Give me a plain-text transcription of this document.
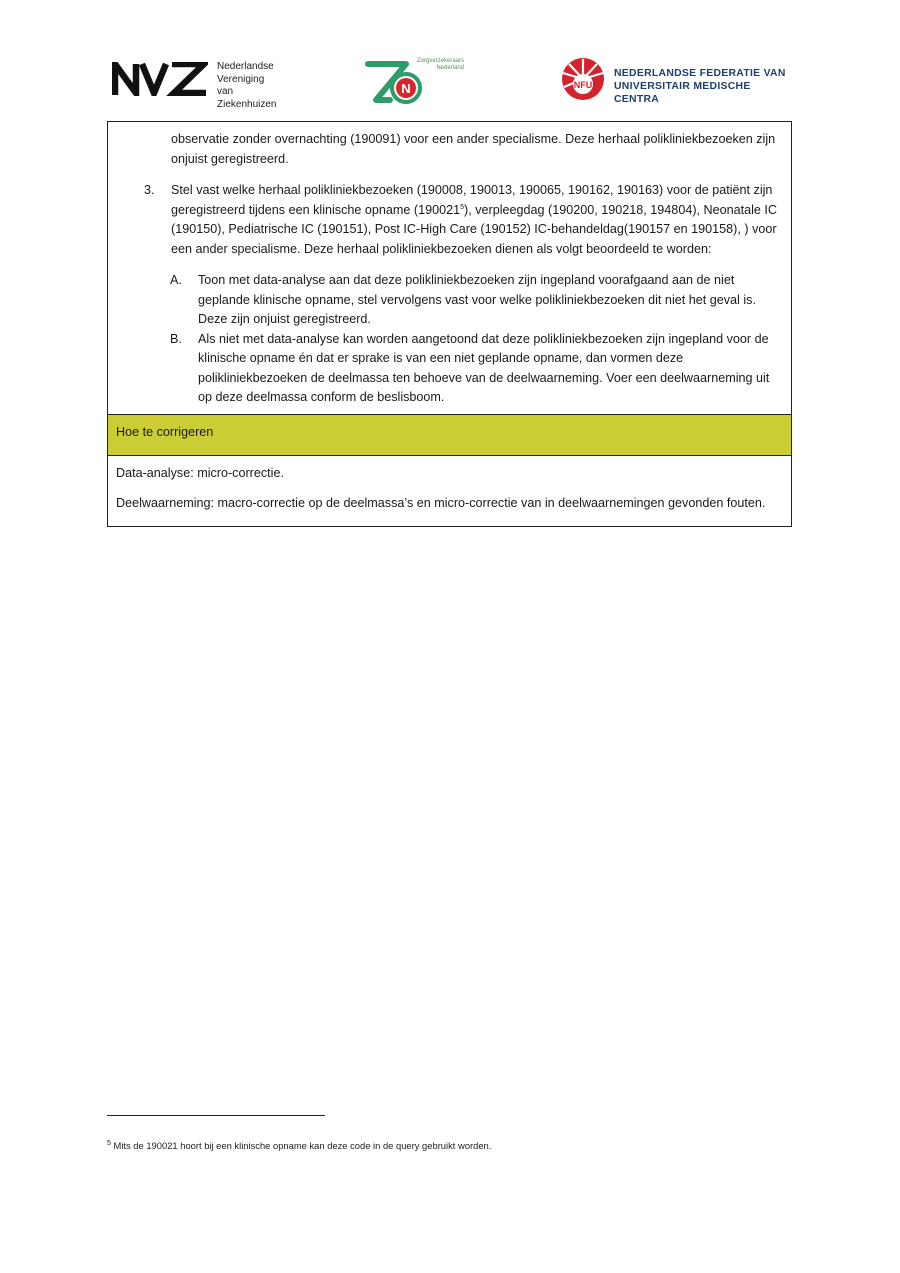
Nederlandse
Vereniging van
Ziekenhuizen
Zorgverzekeraars
Nederland
N	NFU
NEDERLANDSE FEDERATIE VAN
UNIVERSITAIR MEDISCHE CENTRA

observatie zonder overnachting (190091) voor een ander specialisme. Deze herhaal polikliniekbezoeken zijn onjuist geregistreerd.

3. Stel vast welke herhaal polikliniekbezoeken (190008, 190013, 190065, 190162, 190163) voor de patiënt zijn geregistreerd tijdens een klinische opname (190021$^5$), verpleegdag (190200, 190218, 194804), Neonatale IC (190150), Pediatrische IC (190151), Post IC-High Care (190152) IC-behandeldag(190157 en 190158), ) voor een ander specialisme. Deze herhaal polikliniekbezoeken dienen als volgt beoordeeld te worden:
A. Toon met data-analyse aan dat deze polikliniekbezoeken zijn ingepland voorafgaand aan de niet geplande klinische opname, stel vervolgens vast voor welke polikliniekbezoeken dit niet het geval is. Deze zijn onjuist geregistreerd.
B. Als niet met data-analyse kan worden aangetoond dat deze polikliniekbezoeken zijn ingepland voor de klinische opname én dat er sprake is van een niet geplande opname, dan vormen deze polikliniekbezoeken de deelmassa ten behoeve van de deelwaarneming. Voer een deelwaarneming uit op deze deelmassa conform de beslisboom.
Hoe te corrigeren

Data-analyse: micro-correctie.

Deelwaarneming: macro-correctie op de deelmassa’s en micro-correctie van in deelwaarnemingen gevonden fouten.

$^5$ Mits de 190021 hoort bij een klinische opname kan deze code in de query gebruikt worden.
